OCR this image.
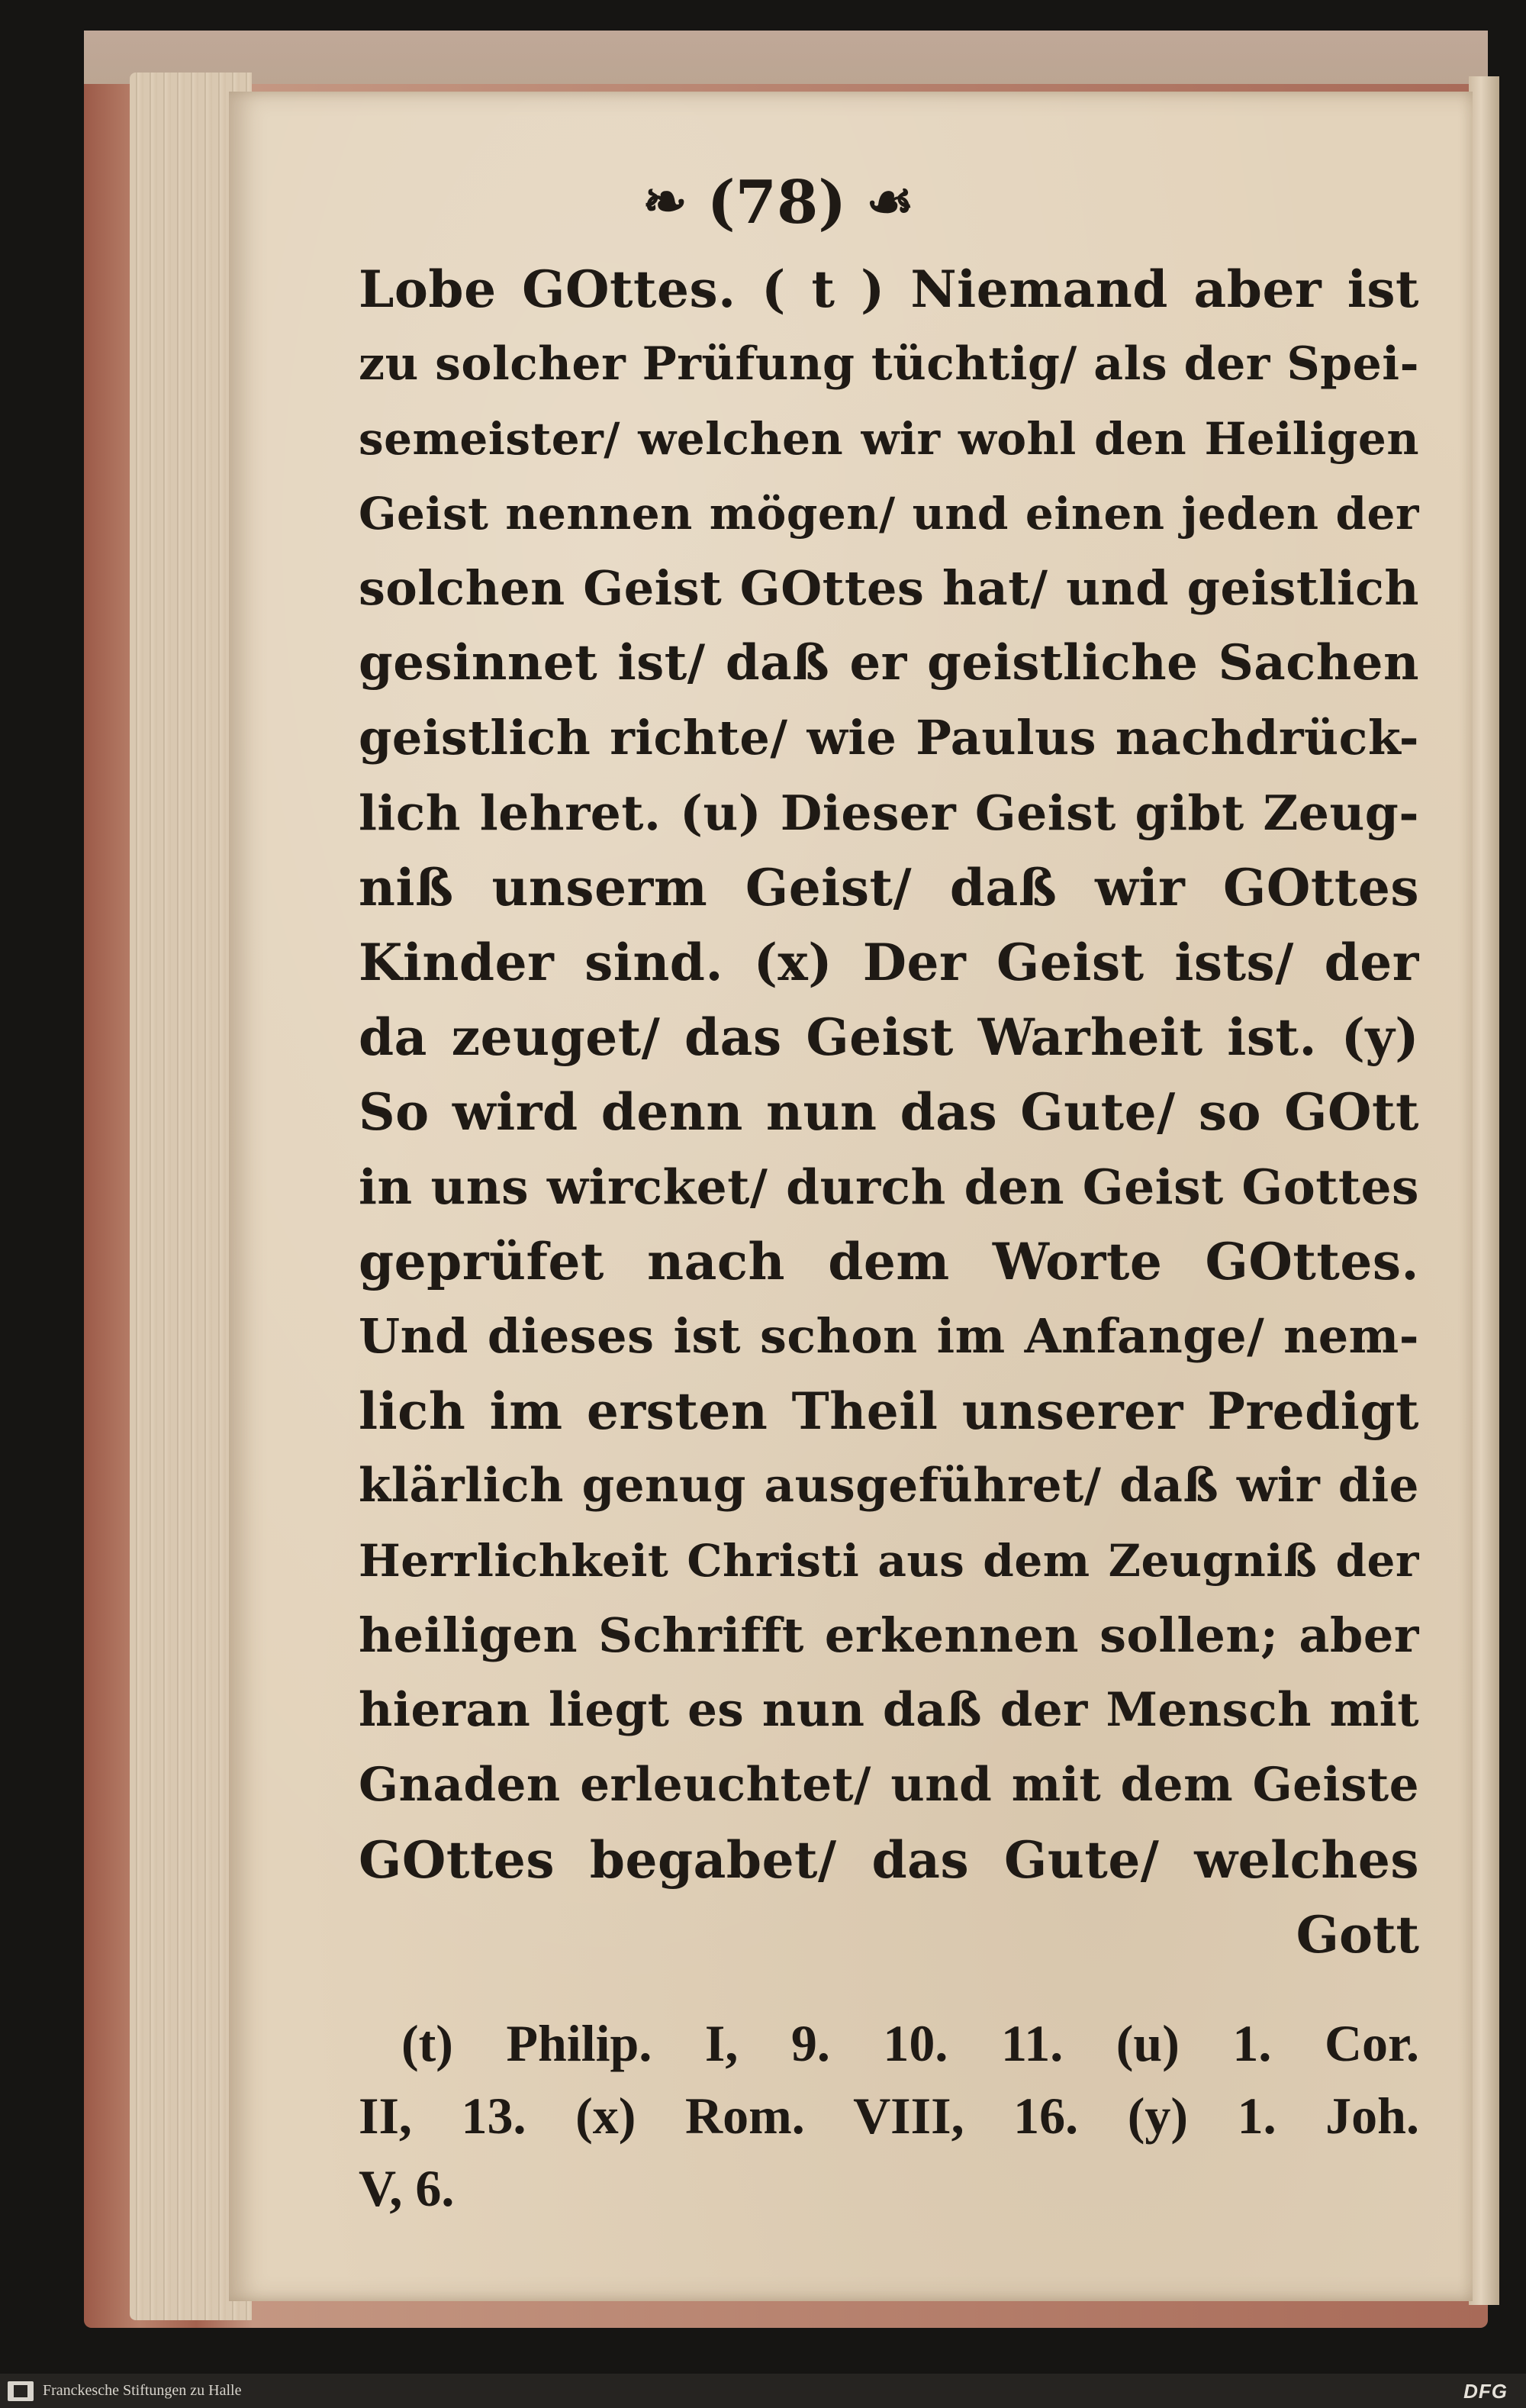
❧ (78) ☙
Lobe GOttes. ( t ) Niemand aber ist
zu solcher Prüfung tüchtig/ als der Spei-
semeister/ welchen wir wohl den Heiligen
Geist nennen mögen/ und einen jeden der
solchen Geist GOttes hat/ und geistlich
gesinnet ist/ daß er geistliche Sachen
geistlich richte/ wie Paulus nachdrück-
lich lehret. (u) Dieser Geist gibt Zeug-
niß unserm Geist/ daß wir GOttes
Kinder sind. (x) Der Geist ists/ der
da zeuget/ das Geist Warheit ist. (y)
So wird denn nun das Gute/ so GOtt
in uns wircket/ durch den Geist Gottes
geprüfet nach dem Worte GOttes.
Und dieses ist schon im Anfange/ nem-
lich im ersten Theil unserer Predigt
klärlich genug ausgeführet/ daß wir die
Herrlichkeit Christi aus dem Zeugniß der
heiligen Schrifft erkennen sollen; aber
hieran liegt es nun daß der Mensch mit
Gnaden erleuchtet/ und mit dem Geiste
GOttes begabet/ das Gute/ welches
Gott
(t) Philip. I, 9. 10. 11. (u) 1. Cor.
II, 13. (x) Rom. VIII, 16. (y) 1. Joh.
V, 6.
Franckesche Stiftungen zu Halle	DFG
